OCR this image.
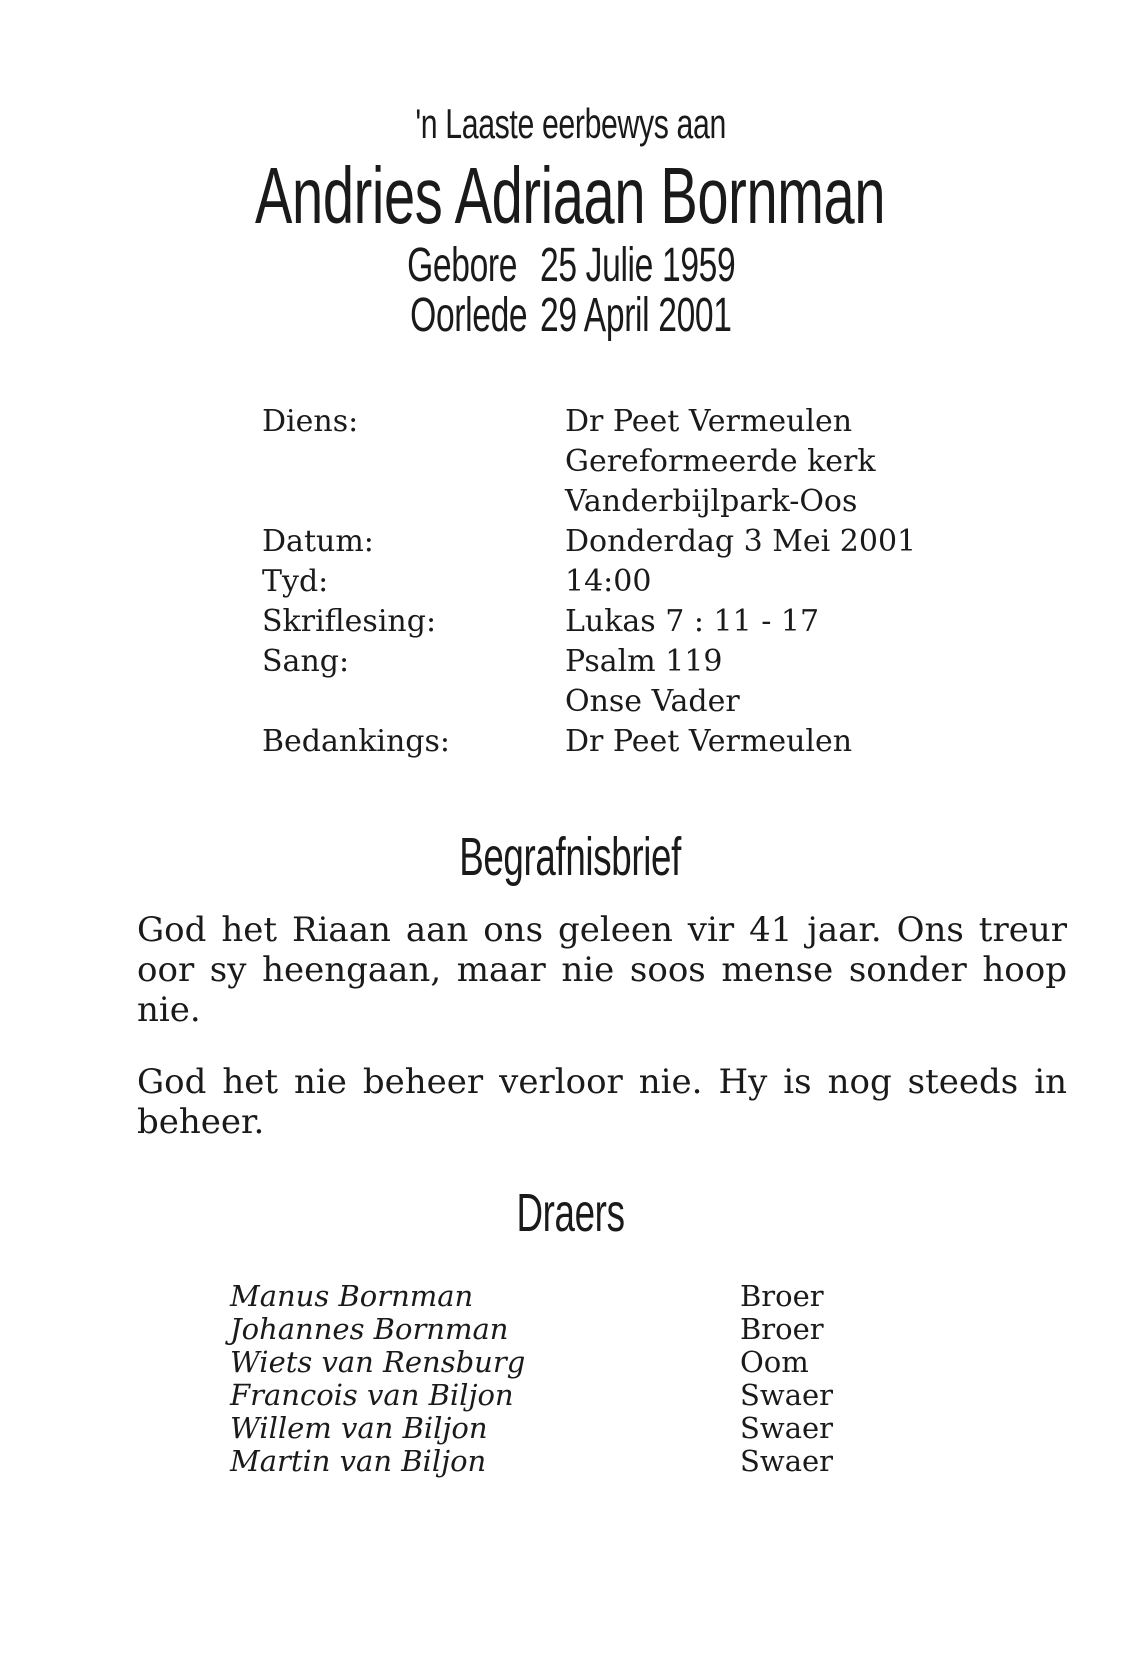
'n Laaste eerbewys aan
Andries Adriaan Bornman
Gebore 25 Julie 1959
Oorlede 29 April 2001
Diens:	Dr Peet Vermeulen
Gereformeerde kerk
Vanderbijlpark-Oos
Datum:	Donderdag 3 Mei 2001
Tyd:	14:00
Skriflesing:	Lukas 7 : 11 - 17
Sang:	Psalm 119
Onse Vader
Bedankings:	Dr Peet Vermeulen
Begrafnisbrief

God het Riaan aan ons geleen vir 41 jaar. Ons treur oor sy heengaan, maar nie soos mense sonder hoop nie.

God het nie beheer verloor nie. Hy is nog steeds in beheer.

Draers
Manus Bornman	Broer
Johannes Bornman	Broer
Wiets van Rensburg	Oom
Francois van Biljon	Swaer
Willem van Biljon	Swaer
Martin van Biljon	Swaer
